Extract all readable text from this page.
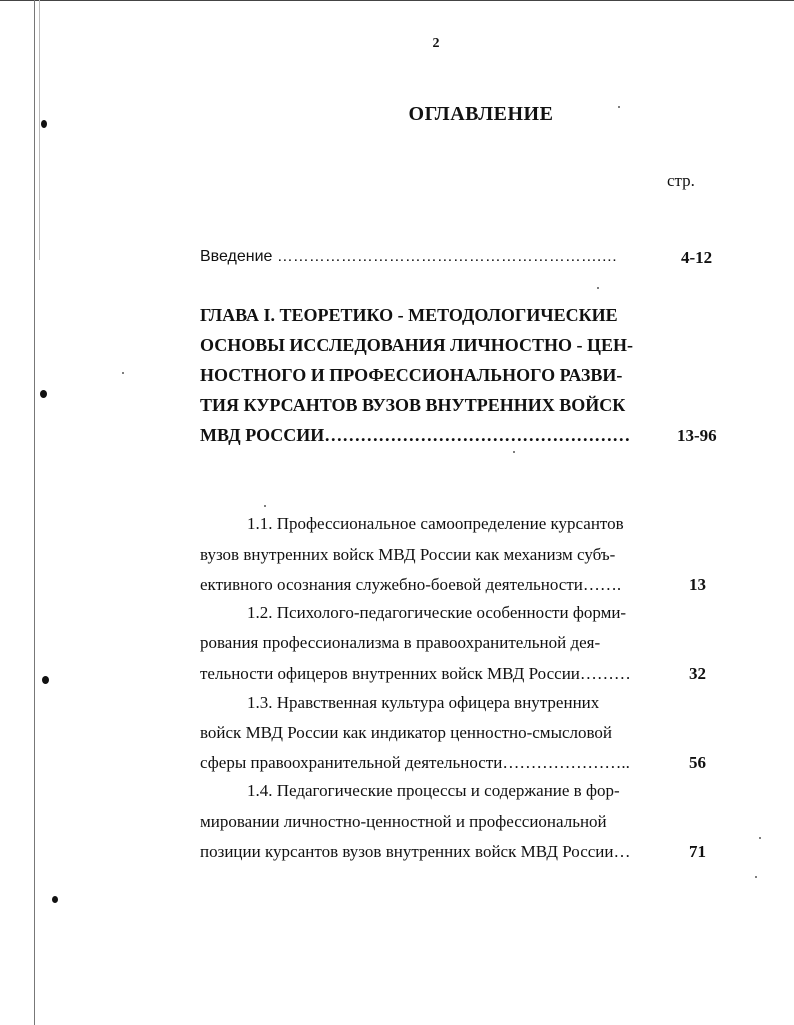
2
ОГЛАВЛЕНИЕ
стр.
Введение …………………………………………………….…	4-12
ГЛАВА I. ТЕОРЕТИКО - МЕТОДОЛОГИЧЕСКИЕ
ОСНОВЫ ИССЛЕДОВАНИЯ ЛИЧНОСТНО - ЦЕН-
НОСТНОГО И ПРОФЕССИОНАЛЬНОГО РАЗВИ-
ТИЯ КУРСАНТОВ ВУЗОВ ВНУТРЕННИХ ВОЙСК
МВД РОССИИ……………………………………………	13-96
1.1. Профессиональное самоопределение курсантов
вузов внутренних войск МВД России как механизм субъ-
ективного осознания служебно-боевой деятельности…….	13
1.2. Психолого-педагогические особенности форми-
рования профессионализма в правоохранительной дея-
тельности офицеров внутренних войск МВД России………	32
1.3. Нравственная культура офицера внутренних
войск МВД России как индикатор ценностно-смысловой
сферы правоохранительной деятельности…………………..	56
1.4. Педагогические процессы и содержание в фор-
мировании личностно-ценностной и профессиональной
позиции курсантов вузов внутренних войск МВД России…	71
